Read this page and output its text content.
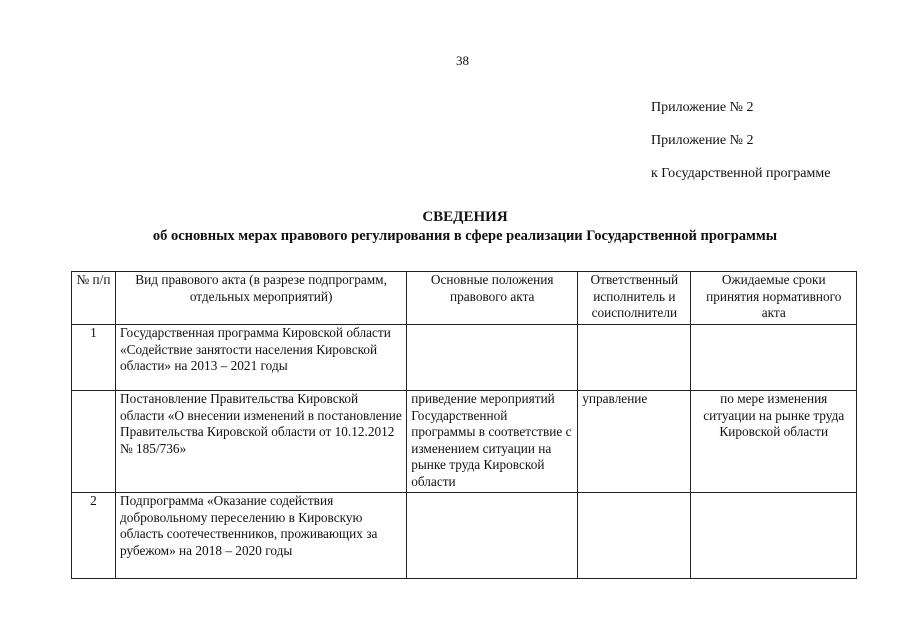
38
Приложение № 2
Приложение № 2
к Государственной программе
СВЕДЕНИЯ
об основных мерах правового регулирования в сфере реализации Государственной программы
№ п/п	Вид правового акта (в разрезе подпрограмм, отдельных мероприятий)	Основные положения правового акта	Ответственный исполнитель и соисполнители	Ожидаемые сроки принятия нормативного акта
1	Государственная программа Кировской области «Содействие занятости населения Кировской области» на 2013 – 2021 годы			
	Постановление Правительства Кировской области «О внесении изменений в постановление Правительства Кировской области от 10.12.2012 № 185/736»	приведение мероприятий Государственной программы в соответствие с изменением ситуации на рынке труда Кировской области	управление	по мере изменения ситуации на рынке труда Кировской области
2	Подпрограмма «Оказание содействия добровольному переселению в Кировскую область соотечественников, проживающих за рубежом» на 2018 – 2020 годы			
